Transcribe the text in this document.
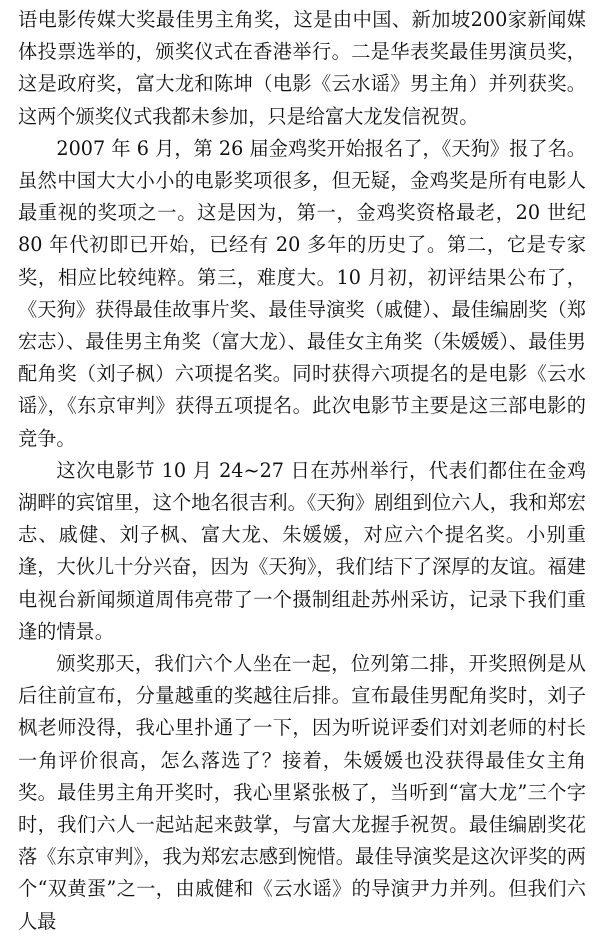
语电影传媒大奖最佳男主角奖，这是由中国、新加坡200家新闻媒体投票选举的，颁奖仪式在香港举行。二是华表奖最佳男演员奖，这是政府奖，富大龙和陈坤（电影《云水谣》男主角）并列获奖。这两个颁奖仪式我都未参加，只是给富大龙发信祝贺。

2007 年 6 月，第 26 届金鸡奖开始报名了，《天狗》报了名。虽然中国大大小小的电影奖项很多，但无疑，金鸡奖是所有电影人最重视的奖项之一。这是因为，第一，金鸡奖资格最老，20 世纪 80 年代初即已开始，已经有 20 多年的历史了。第二，它是专家奖，相应比较纯粹。第三，难度大。10 月初，初评结果公布了，《天狗》获得最佳故事片奖、最佳导演奖（戚健）、最佳编剧奖（郑宏志）、最佳男主角奖（富大龙）、最佳女主角奖（朱媛媛）、最佳男配角奖（刘子枫）六项提名奖。同时获得六项提名的是电影《云水谣》，《东京审判》获得五项提名。此次电影节主要是这三部电影的竞争。

这次电影节 10 月 24~27 日在苏州举行，代表们都住在金鸡湖畔的宾馆里，这个地名很吉利。《天狗》剧组到位六人，我和郑宏志、戚健、刘子枫、富大龙、朱媛媛，对应六个提名奖。小别重逢，大伙儿十分兴奋，因为《天狗》，我们结下了深厚的友谊。福建电视台新闻频道周伟亮带了一个摄制组赴苏州采访，记录下我们重逢的情景。

颁奖那天，我们六个人坐在一起，位列第二排，开奖照例是从后往前宣布，分量越重的奖越往后排。宣布最佳男配角奖时，刘子枫老师没得，我心里扑通了一下，因为听说评委们对刘老师的村长一角评价很高，怎么落选了？接着，朱媛媛也没获得最佳女主角奖。最佳男主角开奖时，我心里紧张极了，当听到“富大龙”三个字时，我们六人一起站起来鼓掌，与富大龙握手祝贺。最佳编剧奖花落《东京审判》，我为郑宏志感到惋惜。最佳导演奖是这次评奖的两个“双黄蛋”之一，由戚健和《云水谣》的导演尹力并列。但我们六人最
